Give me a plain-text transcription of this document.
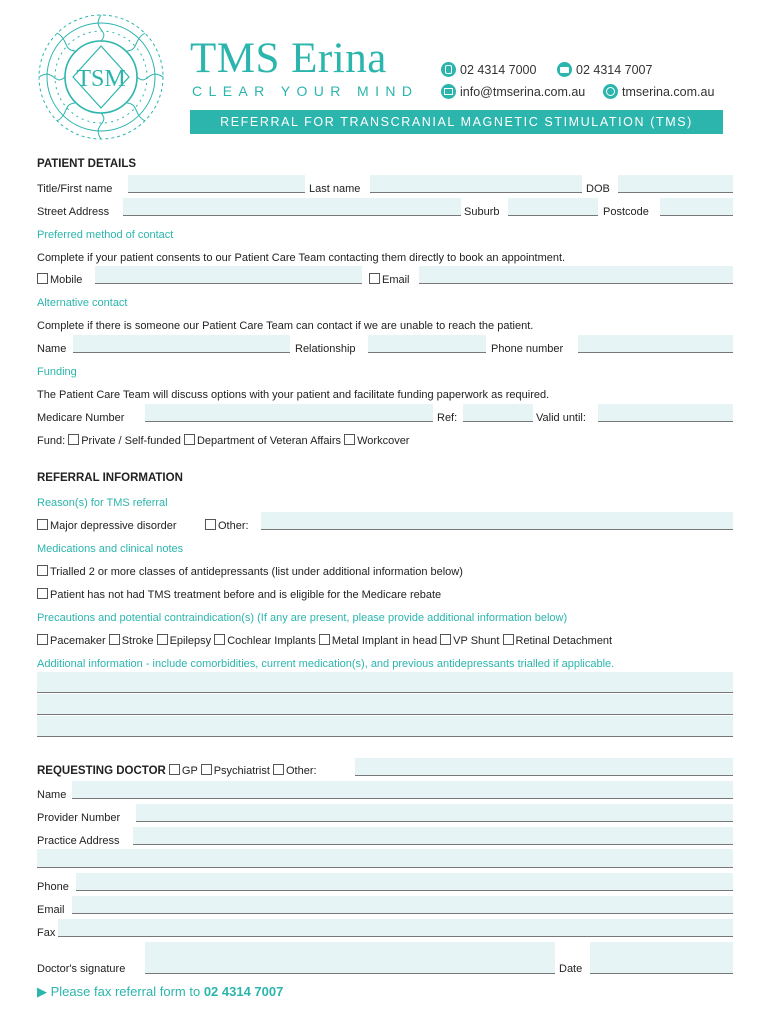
TSM TMS Erina
CLEAR YOUR MIND
02 4314 7000	02 4314 7007
info@tmserina.com.au	tmserina.com.au
REFERRAL FOR TRANSCRANIAL MAGNETIC STIMULATION (TMS)
PATIENT DETAILS
Title/First name	Last name	DOB
Street Address	Suburb	Postcode
Preferred method of contact
Complete if your patient consents to our Patient Care Team contacting them directly to book an appointment.
Mobile	Email
Alternative contact
Complete if there is someone our Patient Care Team can contact if we are unable to reach the patient.
Name	Relationship	Phone number
Funding
The Patient Care Team will discuss options with your patient and facilitate funding paperwork as required.
Medicare Number	Ref:	Valid until:
Fund: Private / Self-funded Department of Veteran Affairs Workcover
REFERRAL INFORMATION
Reason(s) for TMS referral
Major depressive disorder	Other:
Medications and clinical notes
Trialled 2 or more classes of antidepressants (list under additional information below)
Patient has not had TMS treatment before and is eligible for the Medicare rebate
Precautions and potential contraindication(s) (If any are present, please provide additional information below)
Pacemaker Stroke Epilepsy Cochlear Implants Metal Implant in head VP Shunt Retinal Detachment
Additional information - include comorbidities, current medication(s), and previous antidepressants trialled if applicable.
REQUESTING DOCTOR GP Psychiatrist Other:
Name
Provider Number
Practice Address
Phone
Email
Fax
Doctor's signature	Date
▶ Please fax referral form to 02 4314 7007
